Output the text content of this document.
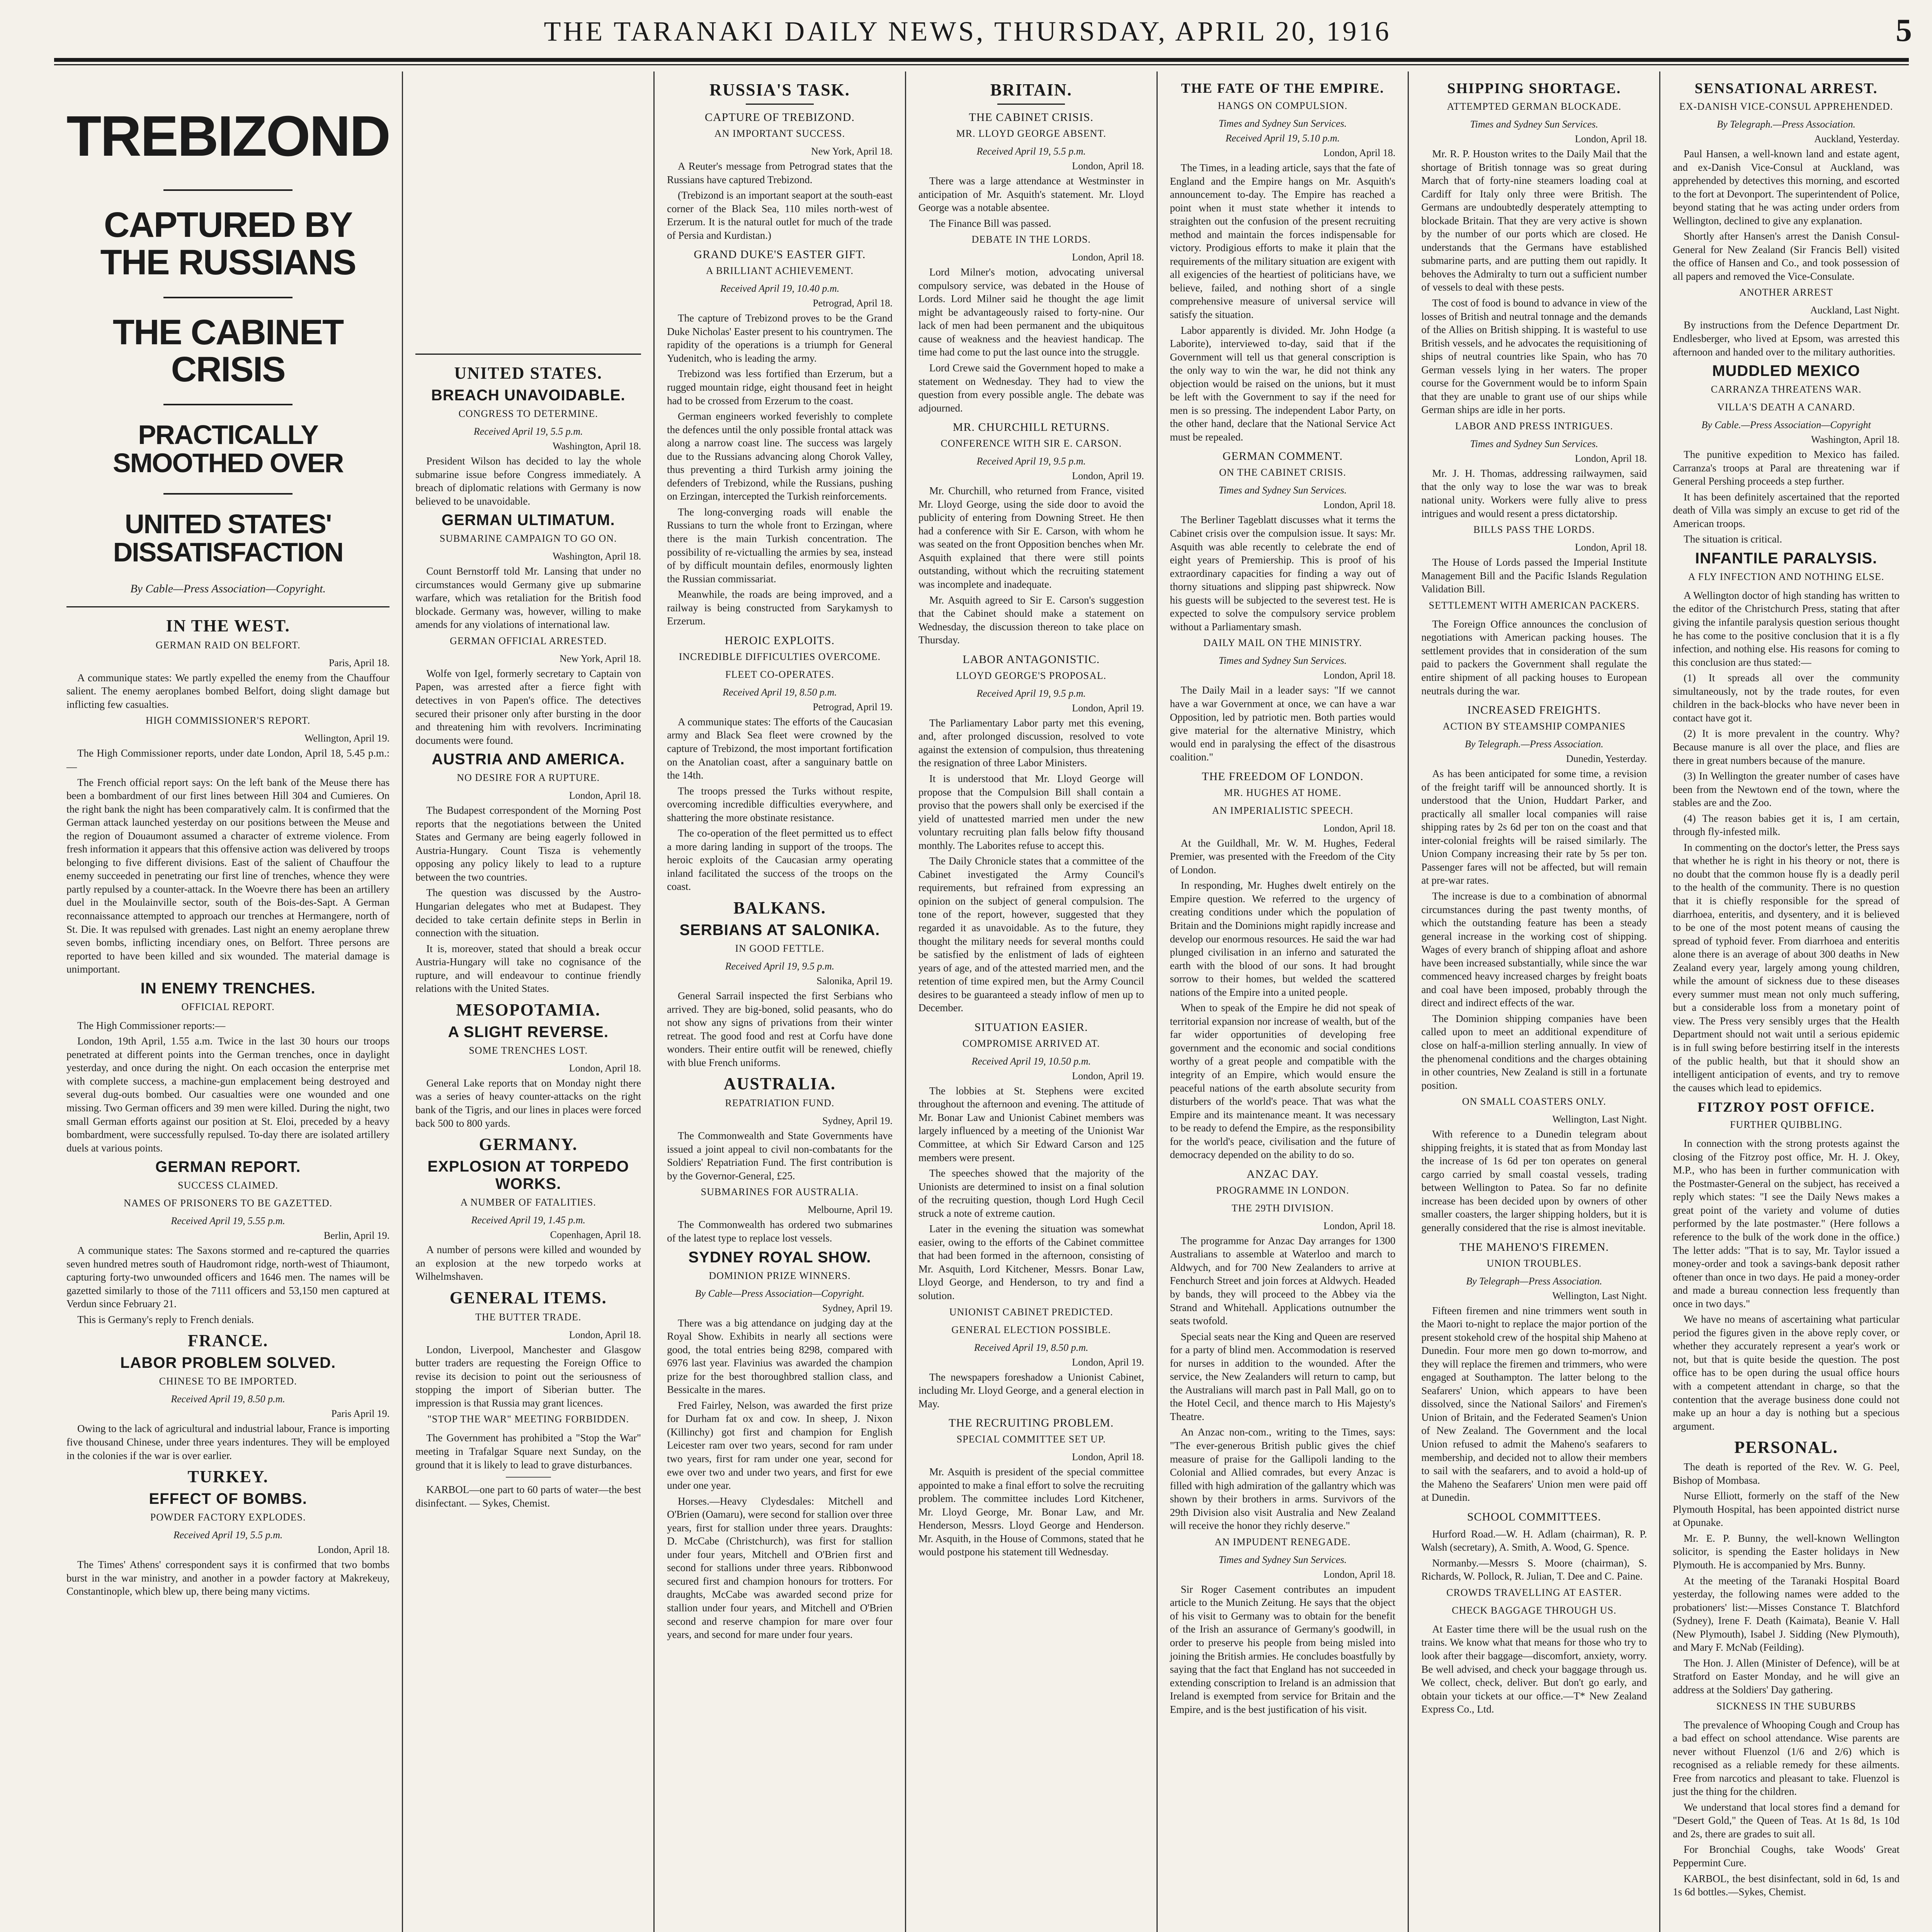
THE TARANAKI DAILY NEWS, THURSDAY, APRIL 20, 1916	5
TREBIZOND
CAPTURED BY THE RUSSIANS
THE CABINET CRISIS
PRACTICALLY SMOOTHED OVER
UNITED STATES' DISSATISFACTION
By Cable—Press Association—Copyright.
IN THE WEST.
GERMAN RAID ON BELFORT.
Paris, April 18.

A communique states: We partly expelled the enemy from the Chauffour salient. The enemy aeroplanes bombed Belfort, doing slight damage but inflicting few casualties.

HIGH COMMISSIONER'S REPORT.
Wellington, April 19.

The High Commissioner reports, under date London, April 18, 5.45 p.m.:—

The French official report says: On the left bank of the Meuse there has been a bombardment of our first lines between Hill 304 and Cumieres. On the right bank the night has been comparatively calm. It is confirmed that the German attack launched yesterday on our positions between the Meuse and the region of Douaumont assumed a character of extreme violence. From fresh information it appears that this offensive action was delivered by troops belonging to five different divisions. East of the salient of Chauffour the enemy succeeded in penetrating our first line of trenches, whence they were partly repulsed by a counter-attack. In the Woevre there has been an artillery duel in the Moulainville sector, south of the Bois-des-Sapt. A German reconnaissance attempted to approach our trenches at Hermangere, north of St. Die. It was repulsed with grenades. Last night an enemy aeroplane threw seven bombs, inflicting incendiary ones, on Belfort. Three persons are reported to have been killed and six wounded. The material damage is unimportant.

IN ENEMY TRENCHES.
OFFICIAL REPORT.

The High Commissioner reports:—

London, 19th April, 1.55 a.m. Twice in the last 30 hours our troops penetrated at different points into the German trenches, once in daylight yesterday, and once during the night. On each occasion the enterprise met with complete success, a machine-gun emplacement being destroyed and several dug-outs bombed. Our casualties were one wounded and one missing. Two German officers and 39 men were killed. During the night, two small German efforts against our position at St. Eloi, preceded by a heavy bombardment, were successfully repulsed. To-day there are isolated artillery duels at various points.

GERMAN REPORT.
SUCCESS CLAIMED.
NAMES OF PRISONERS TO BE GAZETTED.
Received April 19, 5.55 p.m.
Berlin, April 19.

A communique states: The Saxons stormed and re-captured the quarries seven hundred metres south of Haudromont ridge, north-west of Thiaumont, capturing forty-two unwounded officers and 1646 men. The names will be gazetted similarly to those of the 7111 officers and 53,150 men captured at Verdun since February 21.

This is Germany's reply to French denials.

FRANCE.
LABOR PROBLEM SOLVED.
CHINESE TO BE IMPORTED.
Received April 19, 8.50 p.m.
Paris April 19.

Owing to the lack of agricultural and industrial labour, France is importing five thousand Chinese, under three years indentures. They will be employed in the colonies if the war is over earlier.

TURKEY.
EFFECT OF BOMBS.
POWDER FACTORY EXPLODES.
Received April 19, 5.5 p.m.
London, April 18.

The Times' Athens' correspondent says it is confirmed that two bombs burst in the war ministry, and another in a powder factory at Makrekeuy, Constantinople, which blew up, there being many victims.

UNITED STATES.
BREACH UNAVOIDABLE.
CONGRESS TO DETERMINE.
Received April 19, 5.5 p.m.
Washington, April 18.

President Wilson has decided to lay the whole submarine issue before Congress immediately. A breach of diplomatic relations with Germany is now believed to be unavoidable.

GERMAN ULTIMATUM.
SUBMARINE CAMPAIGN TO GO ON.
Washington, April 18.

Count Bernstorff told Mr. Lansing that under no circumstances would Germany give up submarine warfare, which was retaliation for the British food blockade. Germany was, however, willing to make amends for any violations of international law.

GERMAN OFFICIAL ARRESTED.
New York, April 18.

Wolfe von Igel, formerly secretary to Captain von Papen, was arrested after a fierce fight with detectives in von Papen's office. The detectives secured their prisoner only after bursting in the door and threatening him with revolvers. Incriminating documents were found.

AUSTRIA AND AMERICA.
NO DESIRE FOR A RUPTURE.
London, April 18.

The Budapest correspondent of the Morning Post reports that the negotiations between the United States and Germany are being eagerly followed in Austria-Hungary. Count Tisza is vehemently opposing any policy likely to lead to a rupture between the two countries.

The question was discussed by the Austro-Hungarian delegates who met at Budapest. They decided to take certain definite steps in Berlin in connection with the situation.

It is, moreover, stated that should a break occur Austria-Hungary will take no cognisance of the rupture, and will endeavour to continue friendly relations with the United States.

MESOPOTAMIA.
A SLIGHT REVERSE.
SOME TRENCHES LOST.
London, April 18.

General Lake reports that on Monday night there was a series of heavy counter-attacks on the right bank of the Tigris, and our lines in places were forced back 500 to 800 yards.

GERMANY.
EXPLOSION AT TORPEDO WORKS.
A NUMBER OF FATALITIES.
Received April 19, 1.45 p.m.
Copenhagen, April 18.

A number of persons were killed and wounded by an explosion at the new torpedo works at Wilhelmshaven.

GENERAL ITEMS.
THE BUTTER TRADE.
London, April 18.

London, Liverpool, Manchester and Glasgow butter traders are requesting the Foreign Office to revise its decision to point out the seriousness of stopping the import of Siberian butter. The impression is that Russia may grant licences.

"STOP THE WAR" MEETING FORBIDDEN.

The Government has prohibited a "Stop the War" meeting in Trafalgar Square next Sunday, on the ground that it is likely to lead to grave disturbances.

KARBOL—one part to 60 parts of water—the best disinfectant. — Sykes, Chemist.

RUSSIA'S TASK.
CAPTURE OF TREBIZOND.
AN IMPORTANT SUCCESS.
New York, April 18.

A Reuter's message from Petrograd states that the Russians have captured Trebizond.

(Trebizond is an important seaport at the south-east corner of the Black Sea, 110 miles north-west of Erzerum. It is the natural outlet for much of the trade of Persia and Kurdistan.)

GRAND DUKE'S EASTER GIFT.
A BRILLIANT ACHIEVEMENT.
Received April 19, 10.40 p.m.
Petrograd, April 18.

The capture of Trebizond proves to be the Grand Duke Nicholas' Easter present to his countrymen. The rapidity of the operations is a triumph for General Yudenitch, who is leading the army.

Trebizond was less fortified than Erzerum, but a rugged mountain ridge, eight thousand feet in height had to be crossed from Erzerum to the coast.

German engineers worked feverishly to complete the defences until the only possible frontal attack was along a narrow coast line. The success was largely due to the Russians advancing along Chorok Valley, thus preventing a third Turkish army joining the defenders of Trebizond, while the Russians, pushing on Erzingan, intercepted the Turkish reinforcements.

The long-converging roads will enable the Russians to turn the whole front to Erzingan, where there is the main Turkish concentration. The possibility of re-victualling the armies by sea, instead of by difficult mountain defiles, enormously lighten the Russian commissariat.

Meanwhile, the roads are being improved, and a railway is being constructed from Sarykamysh to Erzerum.

HEROIC EXPLOITS.
INCREDIBLE DIFFICULTIES OVERCOME.
FLEET CO-OPERATES.
Received April 19, 8.50 p.m.
Petrograd, April 19.

A communique states: The efforts of the Caucasian army and Black Sea fleet were crowned by the capture of Trebizond, the most important fortification on the Anatolian coast, after a sanguinary battle on the 14th.

The troops pressed the Turks without respite, overcoming incredible difficulties everywhere, and shattering the more obstinate resistance.

The co-operation of the fleet permitted us to effect a more daring landing in support of the troops. The heroic exploits of the Caucasian army operating inland facilitated the success of the troops on the coast.

BALKANS.
SERBIANS AT SALONIKA.
IN GOOD FETTLE.
Received April 19, 9.5 p.m.
Salonika, April 19.

General Sarrail inspected the first Serbians who arrived. They are big-boned, solid peasants, who do not show any signs of privations from their winter retreat. The good food and rest at Corfu have done wonders. Their entire outfit will be renewed, chiefly with blue French uniforms.

AUSTRALIA.
REPATRIATION FUND.
Sydney, April 19.

The Commonwealth and State Governments have issued a joint appeal to civil non-combatants for the Soldiers' Repatriation Fund. The first contribution is by the Governor-General, £25.

SUBMARINES FOR AUSTRALIA.
Melbourne, April 19.

The Commonwealth has ordered two submarines of the latest type to replace lost vessels.

SYDNEY ROYAL SHOW.
DOMINION PRIZE WINNERS.
By Cable—Press Association—Copyright.
Sydney, April 19.

There was a big attendance on judging day at the Royal Show. Exhibits in nearly all sections were good, the total entries being 8298, compared with 6976 last year. Flavinius was awarded the champion prize for the best thoroughbred stallion class, and Bessicalte in the mares.

Fred Fairley, Nelson, was awarded the first prize for Durham fat ox and cow. In sheep, J. Nixon (Killinchy) got first and champion for English Leicester ram over two years, second for ram under two years, first for ram under one year, second for ewe over two and under two years, and first for ewe under one year.

Horses.—Heavy Clydesdales: Mitchell and O'Brien (Oamaru), were second for stallion over three years, first for stallion under three years. Draughts: D. McCabe (Christchurch), was first for stallion under four years, Mitchell and O'Brien first and second for stallions under three years. Ribbonwood secured first and champion honours for trotters. For draughts, McCabe was awarded second prize for stallion under four years, and Mitchell and O'Brien second and reserve champion for mare over four years, and second for mare under four years.

BRITAIN.
THE CABINET CRISIS.
MR. LLOYD GEORGE ABSENT.
Received April 19, 5.5 p.m.
London, April 18.

There was a large attendance at Westminster in anticipation of Mr. Asquith's statement. Mr. Lloyd George was a notable absentee.

The Finance Bill was passed.

DEBATE IN THE LORDS.
London, April 18.

Lord Milner's motion, advocating universal compulsory service, was debated in the House of Lords. Lord Milner said he thought the age limit might be advantageously raised to forty-nine. Our lack of men had been permanent and the ubiquitous cause of weakness and the heaviest handicap. The time had come to put the last ounce into the struggle.

Lord Crewe said the Government hoped to make a statement on Wednesday. They had to view the question from every possible angle. The debate was adjourned.

MR. CHURCHILL RETURNS.
CONFERENCE WITH SIR E. CARSON.
Received April 19, 9.5 p.m.
London, April 19.

Mr. Churchill, who returned from France, visited Mr. Lloyd George, using the side door to avoid the publicity of entering from Downing Street. He then had a conference with Sir E. Carson, with whom he was seated on the front Opposition benches when Mr. Asquith explained that there were still points outstanding, without which the recruiting statement was incomplete and inadequate.

Mr. Asquith agreed to Sir E. Carson's suggestion that the Cabinet should make a statement on Wednesday, the discussion thereon to take place on Thursday.

LABOR ANTAGONISTIC.
LLOYD GEORGE'S PROPOSAL.
Received April 19, 9.5 p.m.
London, April 19.

The Parliamentary Labor party met this evening, and, after prolonged discussion, resolved to vote against the extension of compulsion, thus threatening the resignation of three Labor Ministers.

It is understood that Mr. Lloyd George will propose that the Compulsion Bill shall contain a proviso that the powers shall only be exercised if the yield of unattested married men under the new voluntary recruiting plan falls below fifty thousand monthly. The Laborites refuse to accept this.

The Daily Chronicle states that a committee of the Cabinet investigated the Army Council's requirements, but refrained from expressing an opinion on the subject of general compulsion. The tone of the report, however, suggested that they regarded it as unavoidable. As to the future, they thought the military needs for several months could be satisfied by the enlistment of lads of eighteen years of age, and of the attested married men, and the retention of time expired men, but the Army Council desires to be guaranteed a steady inflow of men up to December.

SITUATION EASIER.
COMPROMISE ARRIVED AT.
Received April 19, 10.50 p.m.
London, April 19.

The lobbies at St. Stephens were excited throughout the afternoon and evening. The attitude of Mr. Bonar Law and Unionist Cabinet members was largely influenced by a meeting of the Unionist War Committee, at which Sir Edward Carson and 125 members were present.

The speeches showed that the majority of the Unionists are determined to insist on a final solution of the recruiting question, though Lord Hugh Cecil struck a note of extreme caution.

Later in the evening the situation was somewhat easier, owing to the efforts of the Cabinet committee that had been formed in the afternoon, consisting of Mr. Asquith, Lord Kitchener, Messrs. Bonar Law, Lloyd George, and Henderson, to try and find a solution.

UNIONIST CABINET PREDICTED.
GENERAL ELECTION POSSIBLE.
Received April 19, 8.50 p.m.
London, April 19.

The newspapers foreshadow a Unionist Cabinet, including Mr. Lloyd George, and a general election in May.

THE RECRUITING PROBLEM.
SPECIAL COMMITTEE SET UP.
London, April 18.

Mr. Asquith is president of the special committee appointed to make a final effort to solve the recruiting problem. The committee includes Lord Kitchener, Mr. Lloyd George, Mr. Bonar Law, and Mr. Henderson, Messrs. Lloyd George and Henderson. Mr. Asquith, in the House of Commons, stated that he would postpone his statement till Wednesday.

THE FATE OF THE EMPIRE.
HANGS ON COMPULSION.
Times and Sydney Sun Services.
Received April 19, 5.10 p.m.
London, April 18.

The Times, in a leading article, says that the fate of England and the Empire hangs on Mr. Asquith's announcement to-day. The Empire has reached a point when it must state whether it intends to straighten out the confusion of the present recruiting method and maintain the forces indispensable for victory. Prodigious efforts to make it plain that the requirements of the military situation are exigent with all exigencies of the heartiest of politicians have, we believe, failed, and nothing short of a single comprehensive measure of universal service will satisfy the situation.

Labor apparently is divided. Mr. John Hodge (a Laborite), interviewed to-day, said that if the Government will tell us that general conscription is the only way to win the war, he did not think any objection would be raised on the unions, but it must be left with the Government to say if the need for men is so pressing. The independent Labor Party, on the other hand, declare that the National Service Act must be repealed.

GERMAN COMMENT.
ON THE CABINET CRISIS.
Times and Sydney Sun Services.
London, April 18.

The Berliner Tageblatt discusses what it terms the Cabinet crisis over the compulsion issue. It says: Mr. Asquith was able recently to celebrate the end of eight years of Premiership. This is proof of his extraordinary capacities for finding a way out of thorny situations and slipping past shipwreck. Now his guests will be subjected to the severest test. He is expected to solve the compulsory service problem without a Parliamentary smash.

DAILY MAIL ON THE MINISTRY.
Times and Sydney Sun Services.
London, April 18.

The Daily Mail in a leader says: "If we cannot have a war Government at once, we can have a war Opposition, led by patriotic men. Both parties would give material for the alternative Ministry, which would end in paralysing the effect of the disastrous coalition."

THE FREEDOM OF LONDON.
MR. HUGHES AT HOME.
AN IMPERIALISTIC SPEECH.
London, April 18.

At the Guildhall, Mr. W. M. Hughes, Federal Premier, was presented with the Freedom of the City of London.

In responding, Mr. Hughes dwelt entirely on the Empire question. We referred to the urgency of creating conditions under which the population of Britain and the Dominions might rapidly increase and develop our enormous resources. He said the war had plunged civilisation in an inferno and saturated the earth with the blood of our sons. It had brought sorrow to their homes, but welded the scattered nations of the Empire into a united people.

When to speak of the Empire he did not speak of territorial expansion nor increase of wealth, but of the far wider opportunities of developing free government and the economic and social conditions worthy of a great people and compatible with the integrity of an Empire, which would ensure the peaceful nations of the earth absolute security from disturbers of the world's peace. That was what the Empire and its maintenance meant. It was necessary to be ready to defend the Empire, as the responsibility for the world's peace, civilisation and the future of democracy depended on the ability to do so.

ANZAC DAY.
PROGRAMME IN LONDON.
THE 29TH DIVISION.
London, April 18.

The programme for Anzac Day arranges for 1300 Australians to assemble at Waterloo and march to Aldwych, and for 700 New Zealanders to arrive at Fenchurch Street and join forces at Aldwych. Headed by bands, they will proceed to the Abbey via the Strand and Whitehall. Applications outnumber the seats twofold.

Special seats near the King and Queen are reserved for a party of blind men. Accommodation is reserved for nurses in addition to the wounded. After the service, the New Zealanders will return to camp, but the Australians will march past in Pall Mall, go on to the Hotel Cecil, and thence march to His Majesty's Theatre.

An Anzac non-com., writing to the Times, says: "The ever-generous British public gives the chief measure of praise for the Gallipoli landing to the Colonial and Allied comrades, but every Anzac is filled with high admiration of the gallantry which was shown by their brothers in arms. Survivors of the 29th Division also visit Australia and New Zealand will receive the honor they richly deserve."

AN IMPUDENT RENEGADE.
Times and Sydney Sun Services.
London, April 18.

Sir Roger Casement contributes an impudent article to the Munich Zeitung. He says that the object of his visit to Germany was to obtain for the benefit of the Irish an assurance of Germany's goodwill, in order to preserve his people from being misled into joining the British armies. He concludes boastfully by saying that the fact that England has not succeeded in extending conscription to Ireland is an admission that Ireland is exempted from service for Britain and the Empire, and is the best justification of his visit.

SHIPPING SHORTAGE.
ATTEMPTED GERMAN BLOCKADE.
Times and Sydney Sun Services.
London, April 18.

Mr. R. P. Houston writes to the Daily Mail that the shortage of British tonnage was so great during March that of forty-nine steamers loading coal at Cardiff for Italy only three were British. The Germans are undoubtedly desperately attempting to blockade Britain. That they are very active is shown by the number of our ports which are closed. He understands that the Germans have established submarine parts, and are putting them out rapidly. It behoves the Admiralty to turn out a sufficient number of vessels to deal with these pests.

The cost of food is bound to advance in view of the losses of British and neutral tonnage and the demands of the Allies on British shipping. It is wasteful to use British vessels, and he advocates the requisitioning of ships of neutral countries like Spain, who has 70 German vessels lying in her waters. The proper course for the Government would be to inform Spain that they are unable to grant use of our ships while German ships are idle in her ports.

LABOR AND PRESS INTRIGUES.
Times and Sydney Sun Services.
London, April 18.

Mr. J. H. Thomas, addressing railwaymen, said that the only way to lose the war was to break national unity. Workers were fully alive to press intrigues and would resent a press dictatorship.

BILLS PASS THE LORDS.
London, April 18.

The House of Lords passed the Imperial Institute Management Bill and the Pacific Islands Regulation Validation Bill.

SETTLEMENT WITH AMERICAN PACKERS.

The Foreign Office announces the conclusion of negotiations with American packing houses. The settlement provides that in consideration of the sum paid to packers the Government shall regulate the entire shipment of all packing houses to European neutrals during the war.

INCREASED FREIGHTS.
ACTION BY STEAMSHIP COMPANIES
By Telegraph.—Press Association.
Dunedin, Yesterday.

As has been anticipated for some time, a revision of the freight tariff will be announced shortly. It is understood that the Union, Huddart Parker, and practically all smaller local companies will raise shipping rates by 2s 6d per ton on the coast and that inter-colonial freights will be raised similarly. The Union Company increasing their rate by 5s per ton. Passenger fares will not be affected, but will remain at pre-war rates.

The increase is due to a combination of abnormal circumstances during the past twenty months, of which the outstanding feature has been a steady general increase in the working cost of shipping. Wages of every branch of shipping afloat and ashore have been increased substantially, while since the war commenced heavy increased charges by freight boats and coal have been imposed, probably through the direct and indirect effects of the war.

The Dominion shipping companies have been called upon to meet an additional expenditure of close on half-a-million sterling annually. In view of the phenomenal conditions and the charges obtaining in other countries, New Zealand is still in a fortunate position.

ON SMALL COASTERS ONLY.
Wellington, Last Night.

With reference to a Dunedin telegram about shipping freights, it is stated that as from Monday last the increase of 1s 6d per ton operates on general cargo carried by small coastal vessels, trading between Wellington to Patea. So far no definite increase has been decided upon by owners of other smaller coasters, the larger shipping holders, but it is generally considered that the rise is almost inevitable.

THE MAHENO'S FIREMEN.
UNION TROUBLES.
By Telegraph—Press Association.
Wellington, Last Night.

Fifteen firemen and nine trimmers went south in the Maori to-night to replace the major portion of the present stokehold crew of the hospital ship Maheno at Dunedin. Four more men go down to-morrow, and they will replace the firemen and trimmers, who were engaged at Southampton. The latter belong to the Seafarers' Union, which appears to have been dissolved, since the National Sailors' and Firemen's Union of Britain, and the Federated Seamen's Union of New Zealand. The Government and the local Union refused to admit the Maheno's seafarers to membership, and decided not to allow their members to sail with the seafarers, and to avoid a hold-up of the Maheno the Seafarers' Union men were paid off at Dunedin.

SCHOOL COMMITTEES.

Hurford Road.—W. H. Adlam (chairman), R. P. Walsh (secretary), A. Smith, A. Wood, G. Spence.

Normanby.—Messrs S. Moore (chairman), S. Richards, W. Pollock, R. Julian, T. Dee and C. Paine.

CROWDS TRAVELLING AT EASTER.
CHECK BAGGAGE THROUGH US.

At Easter time there will be the usual rush on the trains. We know what that means for those who try to look after their baggage—discomfort, anxiety, worry. Be well advised, and check your baggage through us. We collect, check, deliver. But don't go early, and obtain your tickets at our office.—T* New Zealand Express Co., Ltd.

SENSATIONAL ARREST.
EX-DANISH VICE-CONSUL APPREHENDED.
By Telegraph.—Press Association.
Auckland, Yesterday.

Paul Hansen, a well-known land and estate agent, and ex-Danish Vice-Consul at Auckland, was apprehended by detectives this morning, and escorted to the fort at Devonport. The superintendent of Police, beyond stating that he was acting under orders from Wellington, declined to give any explanation.

Shortly after Hansen's arrest the Danish Consul-General for New Zealand (Sir Francis Bell) visited the office of Hansen and Co., and took possession of all papers and removed the Vice-Consulate.

ANOTHER ARREST
Auckland, Last Night.

By instructions from the Defence Department Dr. Endlesberger, who lived at Epsom, was arrested this afternoon and handed over to the military authorities.

MUDDLED MEXICO
CARRANZA THREATENS WAR.
VILLA'S DEATH A CANARD.
By Cable.—Press Association—Copyright
Washington, April 18.

The punitive expedition to Mexico has failed. Carranza's troops at Paral are threatening war if General Pershing proceeds a step further.

It has been definitely ascertained that the reported death of Villa was simply an excuse to get rid of the American troops.

The situation is critical.

INFANTILE PARALYSIS.
A FLY INFECTION AND NOTHING ELSE.

A Wellington doctor of high standing has written to the editor of the Christchurch Press, stating that after giving the infantile paralysis question serious thought he has come to the positive conclusion that it is a fly infection, and nothing else. His reasons for coming to this conclusion are thus stated:—

(1) It spreads all over the community simultaneously, not by the trade routes, for even children in the back-blocks who have never been in contact have got it.

(2) It is more prevalent in the country. Why? Because manure is all over the place, and flies are there in great numbers because of the manure.

(3) In Wellington the greater number of cases have been from the Newtown end of the town, where the stables are and the Zoo.

(4) The reason babies get it is, I am certain, through fly-infested milk.

In commenting on the doctor's letter, the Press says that whether he is right in his theory or not, there is no doubt that the common house fly is a deadly peril to the health of the community. There is no question that it is chiefly responsible for the spread of diarrhoea, enteritis, and dysentery, and it is believed to be one of the most potent means of causing the spread of typhoid fever. From diarrhoea and enteritis alone there is an average of about 300 deaths in New Zealand every year, largely among young children, while the amount of sickness due to these diseases every summer must mean not only much suffering, but a considerable loss from a monetary point of view. The Press very sensibly urges that the Health Department should not wait until a serious epidemic is in full swing before bestirring itself in the interests of the public health, but that it should show an intelligent anticipation of events, and try to remove the causes which lead to epidemics.

FITZROY POST OFFICE.
FURTHER QUIBBLING.

In connection with the strong protests against the closing of the Fitzroy post office, Mr. H. J. Okey, M.P., who has been in further communication with the Postmaster-General on the subject, has received a reply which states: "I see the Daily News makes a great point of the variety and volume of duties performed by the late postmaster." (Here follows a reference to the bulk of the work done in the office.) The letter adds: "That is to say, Mr. Taylor issued a money-order and took a savings-bank deposit rather oftener than once in two days. He paid a money-order and made a bureau connection less frequently than once in two days."

We have no means of ascertaining what particular period the figures given in the above reply cover, or whether they accurately represent a year's work or not, but that is quite beside the question. The post office has to be open during the usual office hours with a competent attendant in charge, so that the contention that the average business done could not make up an hour a day is nothing but a specious argument.

PERSONAL.

The death is reported of the Rev. W. G. Peel, Bishop of Mombasa.

Nurse Elliott, formerly on the staff of the New Plymouth Hospital, has been appointed district nurse at Opunake.

Mr. E. P. Bunny, the well-known Wellington solicitor, is spending the Easter holidays in New Plymouth. He is accompanied by Mrs. Bunny.

At the meeting of the Taranaki Hospital Board yesterday, the following names were added to the probationers' list:—Misses Constance T. Blatchford (Sydney), Irene F. Death (Kaimata), Beanie V. Hall (New Plymouth), Isabel J. Sidding (New Plymouth), and Mary F. McNab (Feilding).

The Hon. J. Allen (Minister of Defence), will be at Stratford on Easter Monday, and he will give an address at the Soldiers' Day gathering.

SICKNESS IN THE SUBURBS

The prevalence of Whooping Cough and Croup has a bad effect on school attendance. Wise parents are never without Fluenzol (1/6 and 2/6) which is recognised as a reliable remedy for these ailments. Free from narcotics and pleasant to take. Fluenzol is just the thing for the children.

We understand that local stores find a demand for "Desert Gold," the Queen of Teas. At 1s 8d, 1s 10d and 2s, there are grades to suit all.

For Bronchial Coughs, take Woods' Great Peppermint Cure.

KARBOL, the best disinfectant, sold in 6d, 1s and 1s 6d bottles.—Sykes, Chemist.
